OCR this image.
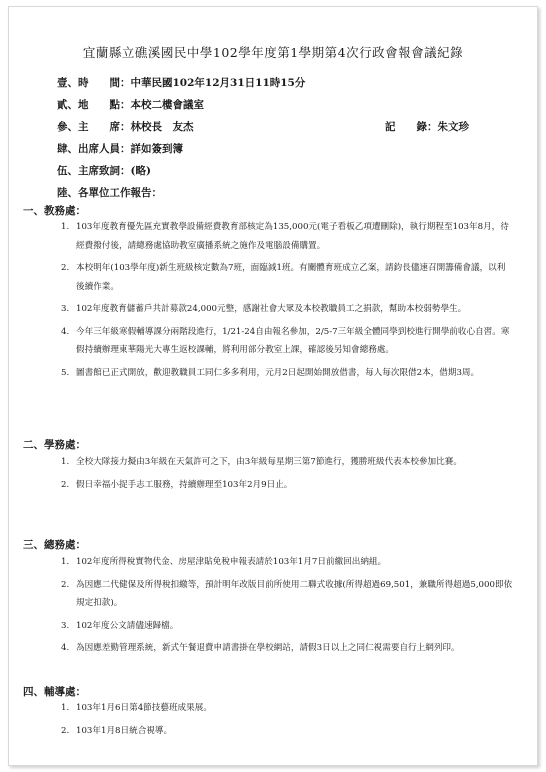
宜蘭縣立礁溪國民中學102學年度第1學期第4次行政會報會議紀錄
壹、時　　間：中華民國102年12月31日11時15分
貳、地　　點：本校二樓會議室
參、主　　席：林校長　友杰	記　　錄：朱文珍
肆、出席人員：詳如簽到簿
伍、主席致詞：(略)
陸、各單位工作報告：
一、教務處：
1. 103年度教育優先區充實教學設備經費教育部核定為135,000元(電子看板乙項遭刪除)，執行期程至103年8月，待經費撥付後，請總務處協助教室廣播系統之施作及電腦設備購置。
2. 本校明年(103學年度)新生班級核定數為7班，面臨減1班。有關體育班成立乙案，請鈞長儘速召開籌備會議，以利後續作業。
3. 102年度教育儲蓄戶共計募款24,000元整，感謝社會大眾及本校教職員工之捐款，幫助本校弱勢學生。
4. 今年三年級寒假輔導課分兩階段進行，1/21-24自由報名參加，2/5-7三年級全體同學到校進行開學前收心自習。寒假持續辦理東華陽光大專生返校課輔，將利用部分教室上課，確認後另知會總務處。
5. 圖書館已正式開放，歡迎教職員工同仁多多利用，元月2日起開始開放借書，每人每次限借2本，借期3周。
二、學務處：
1. 全校大隊接力擬由3年級在天氣許可之下，由3年級每星期三第7節進行，獲勝班級代表本校參加比賽。
2. 假日幸福小捉手志工服務，持續辦理至103年2月9日止。
三、總務處：
1. 102年度所得稅實物代金、房屋津貼免稅申報表請於103年1月7日前繳回出納組。
2. 為因應二代健保及所得稅扣繳等，預計明年改版目前所使用二聯式收據(所得超過69,501，兼職所得超過5,000即依規定扣款)。
3. 102年度公文請儘速歸檔。
4. 為因應差勤管理系統，新式午餐退費申請書掛在學校網站，請假3日以上之同仁視需要自行上網列印。
四、輔導處：
1. 103年1月6日第4節技藝班成果展。
2. 103年1月8日統合視導。
